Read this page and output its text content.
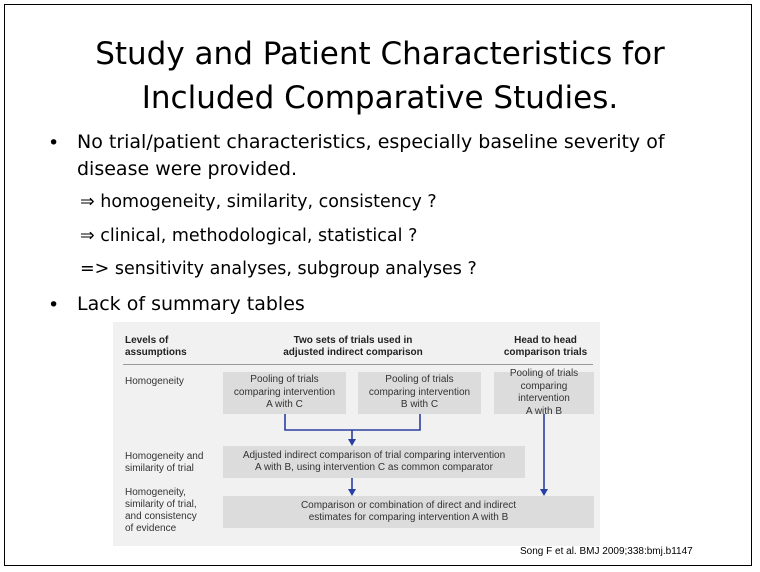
Study and Patient Characteristics for
Included Comparative Studies.
• No trial/patient characteristics, especially baseline severity of
disease were provided.
⇒ homogeneity, similarity, consistency ?
⇒ clinical, methodological, statistical ?
=> sensitivity analyses, subgroup analyses ?
• Lack of summary tables
Levels of
assumptions
Two sets of trials used in
adjusted indirect comparison
Head to head
comparison trials
Homogeneity
Homogeneity and
similarity of trial
Homogeneity,
similarity of trial,
and consistency
of evidence
Pooling of trials
comparing intervention
A with C
Pooling of trials
comparing intervention
B with C
Pooling of trials
comparing intervention
A with B
Adjusted indirect comparison of trial comparing intervention
A with B, using intervention C as common comparator
Comparison or combination of direct and indirect
estimates for comparing intervention A with B
Song F et al. BMJ 2009;338:bmj.b1147
